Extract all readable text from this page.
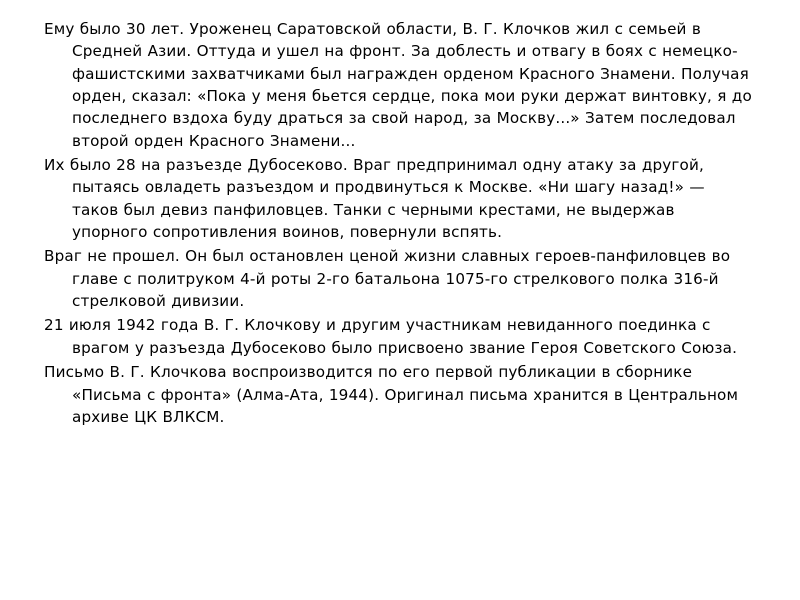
Ему было 30 лет. Уроженец Саратовской области, В. Г. Клочков жил с семьей в Средней Азии. Оттуда и ушел на фронт. За доблесть и отвагу в боях с немецко-фашистскими захватчиками был награжден орденом Красного Знамени. Получая орден, сказал: «Пока у меня бьется сердце, пока мои руки держат винтовку, я до последнего вздоха буду драться за свой народ, за Москву...» Затем последовал второй орден Красного Знамени...

Их было 28 на разъезде Дубосеково. Враг предпринимал одну атаку за другой, пытаясь овладеть разъездом и продвинуться к Москве. «Ни шагу назад!» — таков был девиз панфиловцев. Танки с черными крестами, не выдержав упорного сопротивления воинов, повернули вспять.

Враг не прошел. Он был остановлен ценой жизни славных героев-панфиловцев во главе с политруком 4-й роты 2-го батальона 1075-го стрелкового полка 316-й стрелковой дивизии.

21 июля 1942 года В. Г. Клочкову и другим участникам невиданного поединка с врагом у разъезда Дубосеково было присвоено звание Героя Советского Союза.

Письмо В. Г. Клочкова воспроизводится по его первой публикации в сборнике «Письма с фронта» (Алма-Ата, 1944). Оригинал письма хранится в Центральном архиве ЦК ВЛКСМ.
